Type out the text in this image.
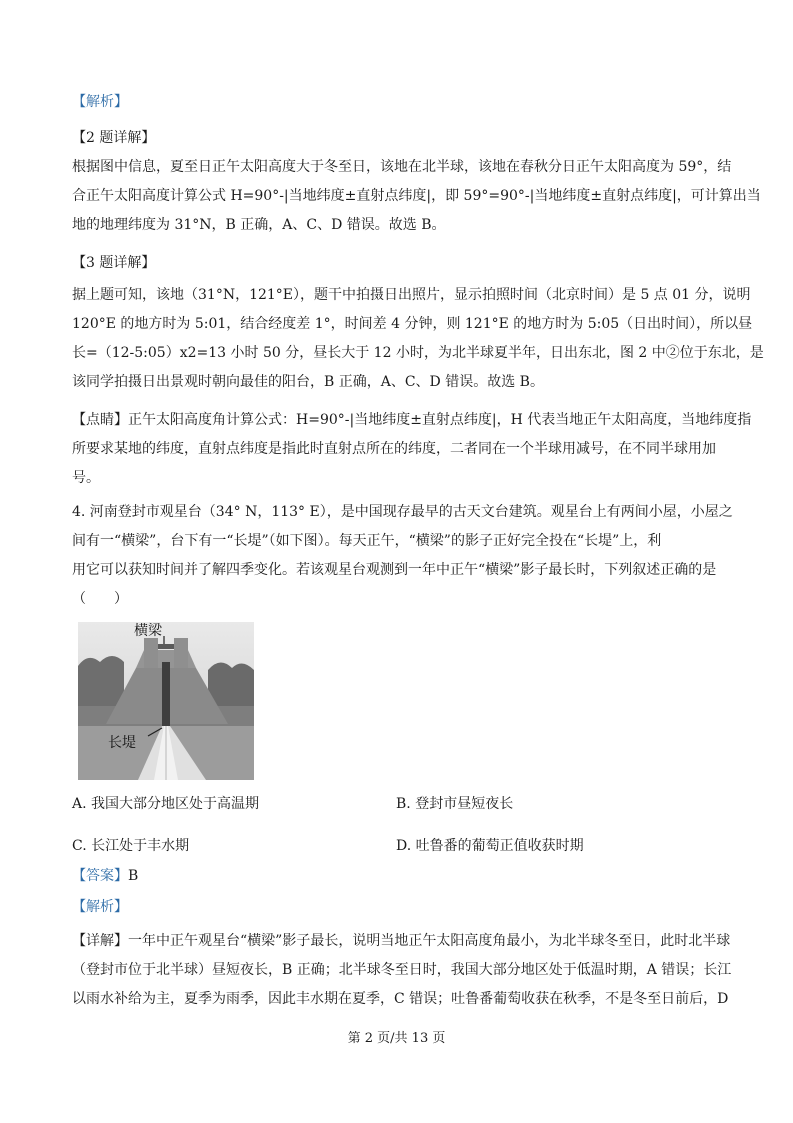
【解析】

【2 题详解】

根据图中信息，夏至日正午太阳高度大于冬至日，该地在北半球，该地在春秋分日正午太阳高度为 59°，结
合正午太阳高度计算公式 H=90°-|当地纬度±直射点纬度|，即 59°=90°-|当地纬度±直射点纬度|，可计算出当
地的地理纬度为 31°N，B 正确，A、C、D 错误。故选 B。

【3 题详解】

据上题可知，该地（31°N，121°E），题干中拍摄日出照片，显示拍照时间（北京时间）是 5 点 01 分，说明
120°E 的地方时为 5:01，结合经度差 1°，时间差 4 分钟，则 121°E 的地方时为 5:05（日出时间），所以昼
长=（12-5:05）x2=13 小时 50 分，昼长大于 12 小时，为北半球夏半年，日出东北，图 2 中②位于东北，是
该同学拍摄日出景观时朝向最佳的阳台，B 正确，A、C、D 错误。故选 B。
【点睛】正午太阳高度角计算公式：H=90°-|当地纬度±直射点纬度|，H 代表当地正午太阳高度，当地纬度指
所要求某地的纬度，直射点纬度是指此时直射点所在的纬度，二者同在一个半球用减号，在不同半球用加
号。
4. 河南登封市观星台（34° N，113° E），是中国现存最早的古天文台建筑。观星台上有两间小屋，小屋之
间有一“横梁”，台下有一“长堤”（如下图）。每天正午，“横梁”的影子正好完全投在“长堤”上，利
用它可以获知时间并了解四季变化。若该观星台观测到一年中正午“横梁”影子最长时，下列叙述正确的是
（　　）
横梁
长堤
A. 我国大部分地区处于高温期	B. 登封市昼短夜长
C. 长江处于丰水期	D. 吐鲁番的葡萄正值收获时期
【答案】B

【解析】

【详解】一年中正午观星台“横梁”影子最长，说明当地正午太阳高度角最小，为北半球冬至日，此时北半球
（登封市位于北半球）昼短夜长，B 正确；北半球冬至日时，我国大部分地区处于低温时期，A 错误；长江
以雨水补给为主，夏季为雨季，因此丰水期在夏季，C 错误；吐鲁番葡萄收获在秋季，不是冬至日前后，D
第 2 页/共 13 页
